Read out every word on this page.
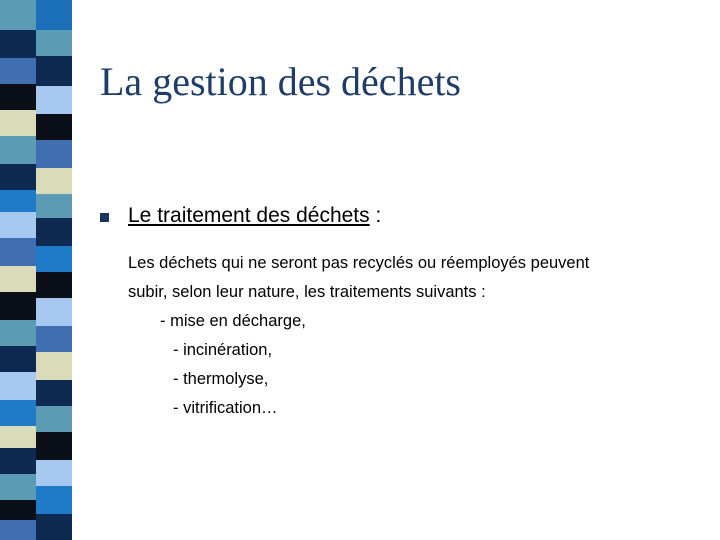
La gestion des déchets
Le traitement des déchets :

Les déchets qui ne seront pas recyclés ou réemployés peuvent

subir, selon leur nature, les traitements suivants :

- mise en décharge,
- incinération,
- thermolyse,
- vitrification…
